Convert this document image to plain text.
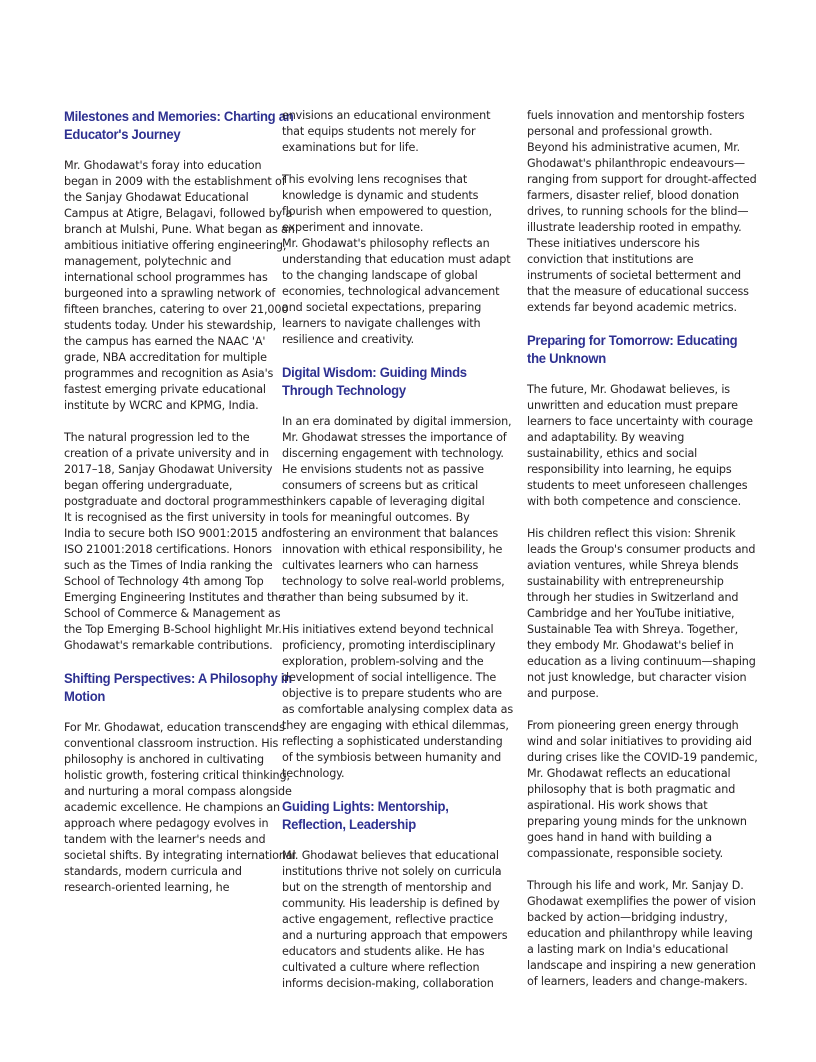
Milestones and Memories: Charting an Educator's Journey

Mr. Ghodawat's foray into education began in 2009 with the establishment of the Sanjay Ghodawat Educational Campus at Atigre, Belagavi, followed by a branch at Mulshi, Pune. What began as an ambitious initiative offering engineering, management, polytechnic and international school programmes has burgeoned into a sprawling network of fifteen branches, catering to over 21,000 students today. Under his stewardship, the campus has earned the NAAC 'A' grade, NBA accreditation for multiple programmes and recognition as Asia's fastest emerging private educational institute by WCRC and KPMG, India.

The natural progression led to the creation of a private university and in 2017–18, Sanjay Ghodawat University began offering undergraduate, postgraduate and doctoral programmes. It is recognised as the first university in India to secure both ISO 9001:2015 and ISO 21001:2018 certifications. Honors such as the Times of India ranking the School of Technology 4th among Top Emerging Engineering Institutes and the School of Commerce & Management as the Top Emerging B-School highlight Mr. Ghodawat's remarkable contributions.

Shifting Perspectives: A Philosophy in Motion

For Mr. Ghodawat, education transcends conventional classroom instruction. His philosophy is anchored in cultivating holistic growth, fostering critical thinking, and nurturing a moral compass alongside academic excellence. He champions an approach where pedagogy evolves in tandem with the learner's needs and societal shifts. By integrating international standards, modern curricula and research-oriented learning, he

envisions an educational environment that equips students not merely for examinations but for life.

This evolving lens recognises that knowledge is dynamic and students flourish when empowered to question, experiment and innovate.

Mr. Ghodawat's philosophy reflects an understanding that education must adapt to the changing landscape of global economies, technological advancement and societal expectations, preparing learners to navigate challenges with resilience and creativity.

Digital Wisdom: Guiding Minds Through Technology

In an era dominated by digital immersion, Mr. Ghodawat stresses the importance of discerning engagement with technology. He envisions students not as passive consumers of screens but as critical thinkers capable of leveraging digital tools for meaningful outcomes. By fostering an environment that balances innovation with ethical responsibility, he cultivates learners who can harness technology to solve real-world problems, rather than being subsumed by it.

His initiatives extend beyond technical proficiency, promoting interdisciplinary exploration, problem-solving and the development of social intelligence. The objective is to prepare students who are as comfortable analysing complex data as they are engaging with ethical dilemmas, reflecting a sophisticated understanding of the symbiosis between humanity and technology.

Guiding Lights: Mentorship, Reflection, Leadership

Mr. Ghodawat believes that educational institutions thrive not solely on curricula but on the strength of mentorship and community. His leadership is defined by active engagement, reflective practice and a nurturing approach that empowers educators and students alike. He has cultivated a culture where reflection informs decision-making, collaboration

fuels innovation and mentorship fosters personal and professional growth.

Beyond his administrative acumen, Mr. Ghodawat's philanthropic endeavours—ranging from support for drought-affected farmers, disaster relief, blood donation drives, to running schools for the blind—illustrate leadership rooted in empathy. These initiatives underscore his conviction that institutions are instruments of societal betterment and that the measure of educational success extends far beyond academic metrics.

Preparing for Tomorrow: Educating the Unknown

The future, Mr. Ghodawat believes, is unwritten and education must prepare learners to face uncertainty with courage and adaptability. By weaving sustainability, ethics and social responsibility into learning, he equips students to meet unforeseen challenges with both competence and conscience.

His children reflect this vision: Shrenik leads the Group's consumer products and aviation ventures, while Shreya blends sustainability with entrepreneurship through her studies in Switzerland and Cambridge and her YouTube initiative, Sustainable Tea with Shreya. Together, they embody Mr. Ghodawat's belief in education as a living continuum—shaping not just knowledge, but character vision and purpose.

From pioneering green energy through wind and solar initiatives to providing aid during crises like the COVID-19 pandemic, Mr. Ghodawat reflects an educational philosophy that is both pragmatic and aspirational. His work shows that preparing young minds for the unknown goes hand in hand with building a compassionate, responsible society.

Through his life and work, Mr. Sanjay D. Ghodawat exemplifies the power of vision backed by action—bridging industry, education and philanthropy while leaving a lasting mark on India's educational landscape and inspiring a new generation of learners, leaders and change-makers.
